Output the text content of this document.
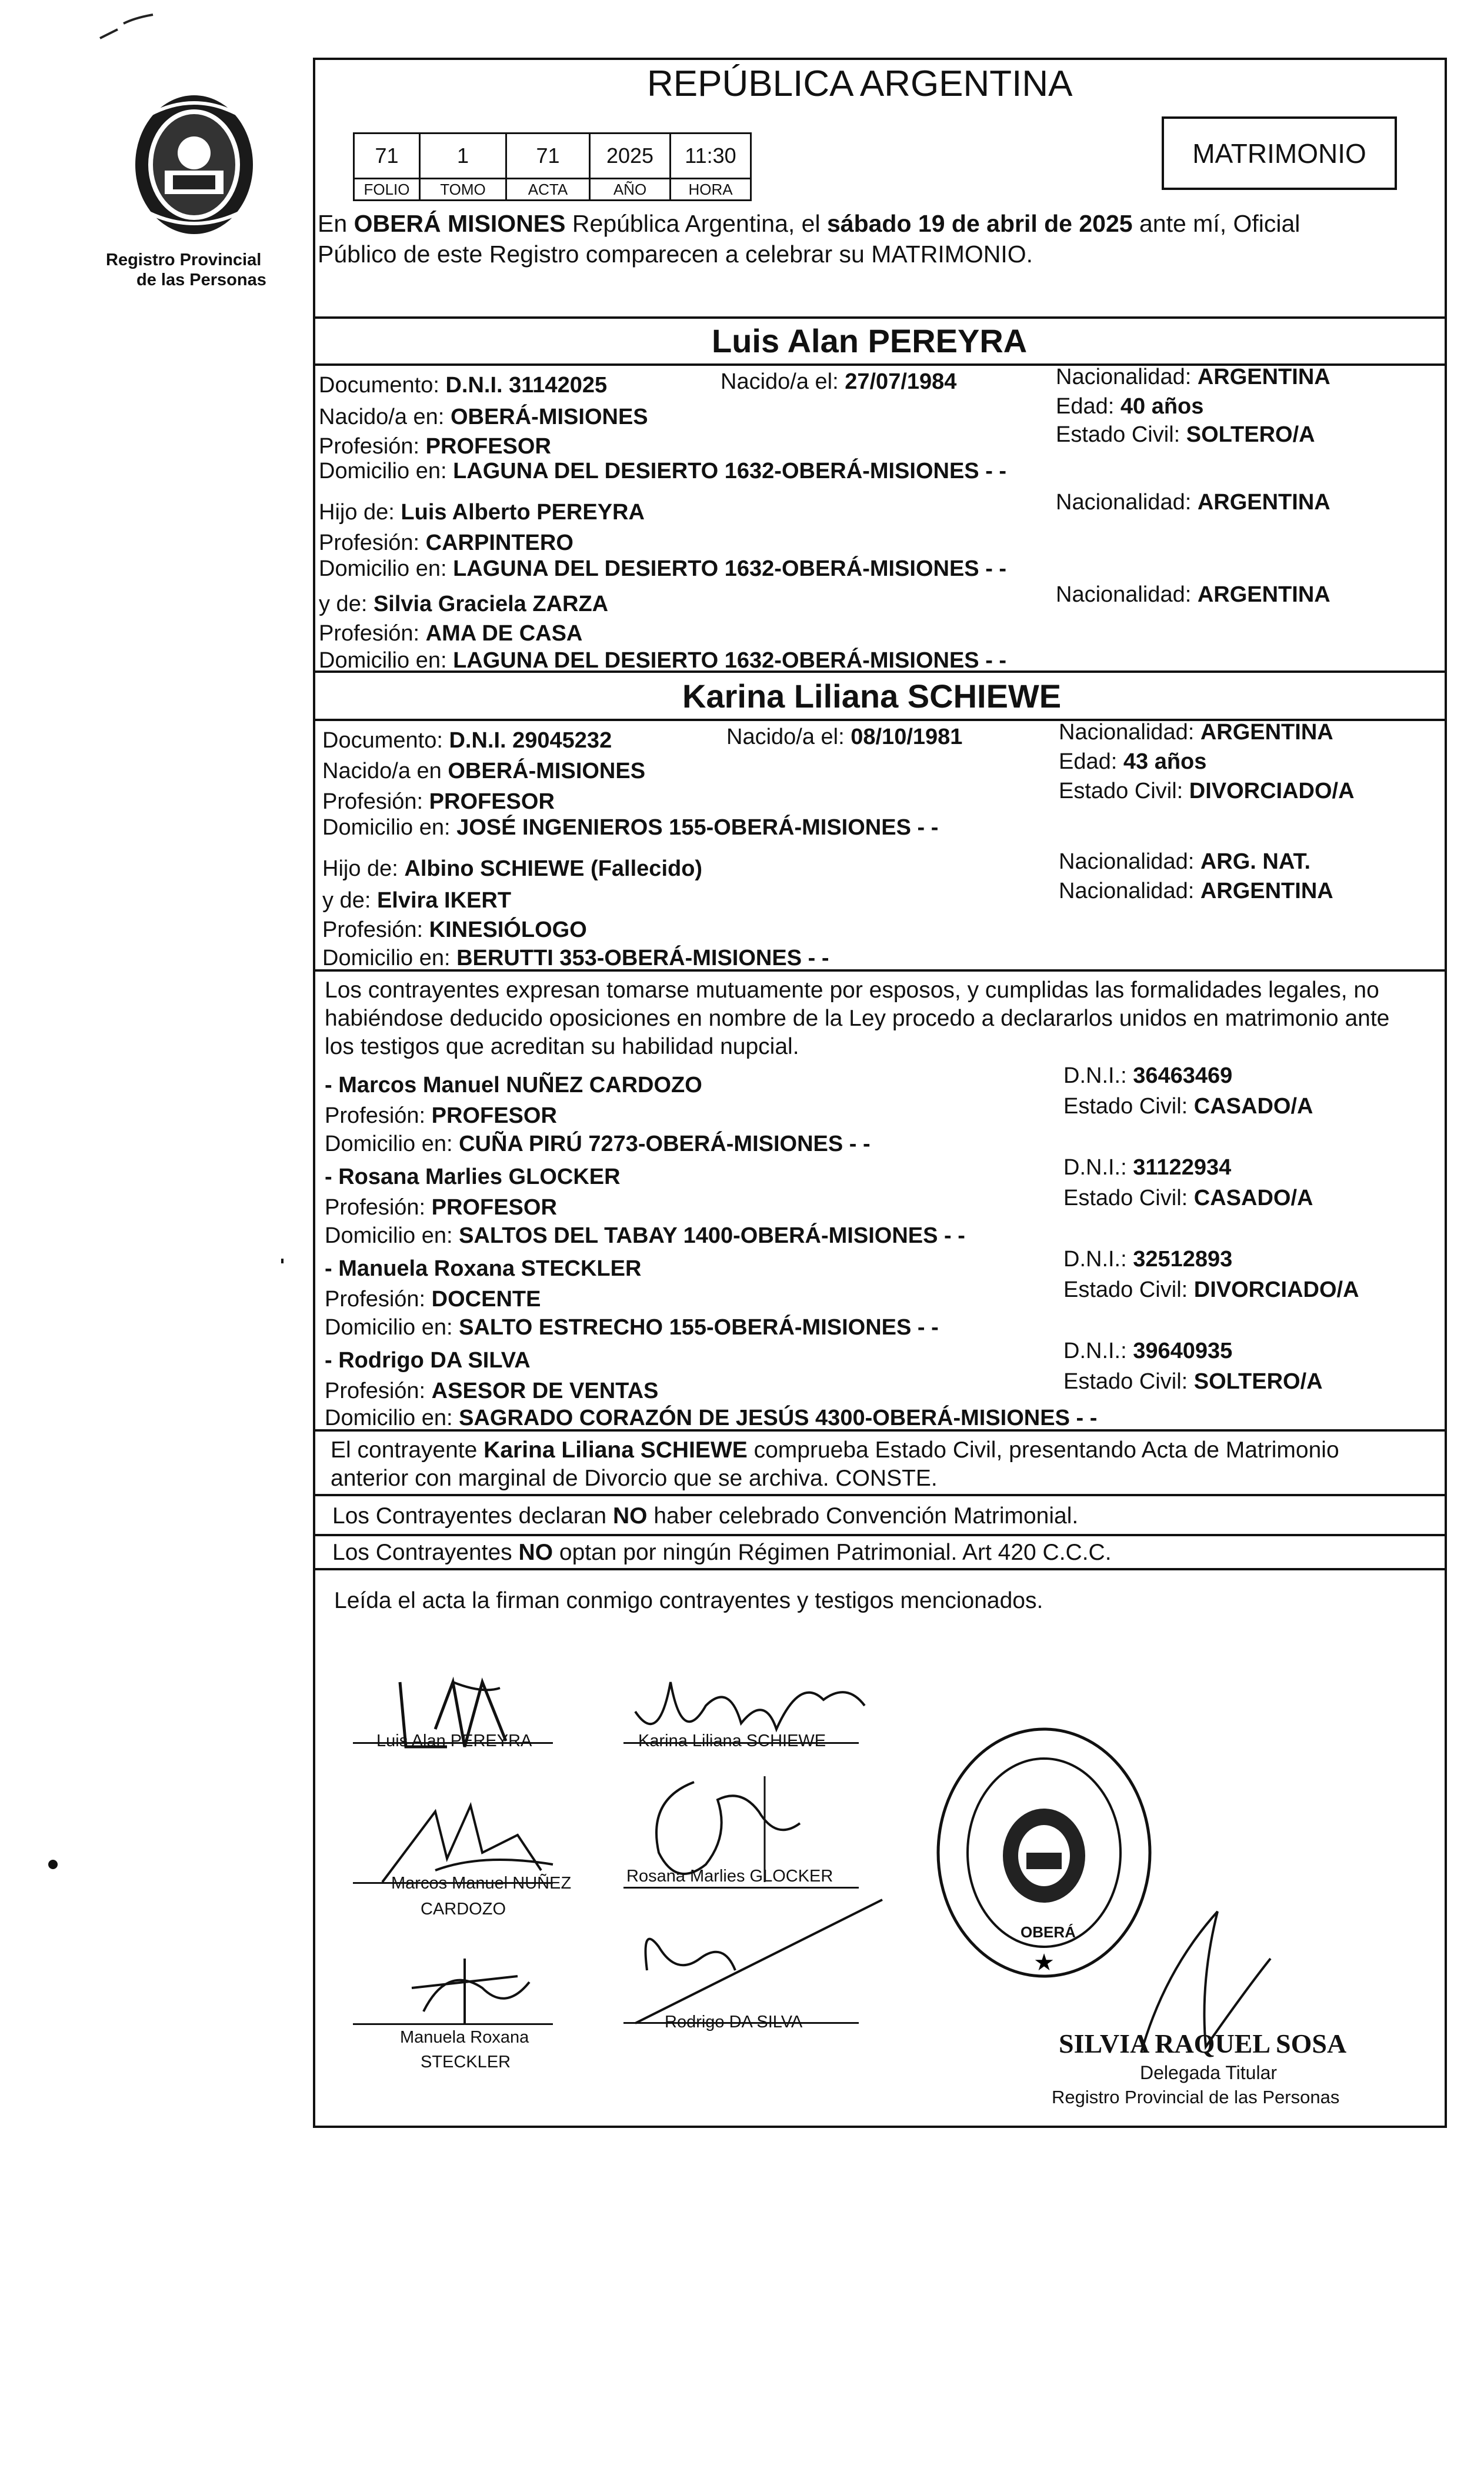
Registro Provincial
de las Personas
REPÚBLICA ARGENTINA
71	1	71	2025	11:30
FOLIO	TOMO	ACTA	AÑO	HORA
MATRIMONIO
En OBERÁ MISIONES República Argentina, el sábado 19 de abril de 2025 ante mí, Oficial
Público de este Registro comparecen a celebrar su MATRIMONIO.
Luis Alan PEREYRA
Documento: D.N.I. 31142025	Nacido/a el: 27/07/1984	Nacionalidad: ARGENTINA
Nacido/a en: OBERÁ-MISIONES	Edad: 40 años
Profesión: PROFESOR	Estado Civil: SOLTERO/A
Domicilio en: LAGUNA DEL DESIERTO 1632-OBERÁ-MISIONES - -
Hijo de: Luis Alberto PEREYRA	Nacionalidad: ARGENTINA
Profesión: CARPINTERO
Domicilio en: LAGUNA DEL DESIERTO 1632-OBERÁ-MISIONES - -
y de: Silvia Graciela ZARZA	Nacionalidad: ARGENTINA
Profesión: AMA DE CASA
Domicilio en: LAGUNA DEL DESIERTO 1632-OBERÁ-MISIONES - -
Karina Liliana SCHIEWE
Documento: D.N.I. 29045232	Nacido/a el: 08/10/1981	Nacionalidad: ARGENTINA
Nacido/a en OBERÁ-MISIONES	Edad: 43 años
Profesión: PROFESOR	Estado Civil: DIVORCIADO/A
Domicilio en: JOSÉ INGENIEROS 155-OBERÁ-MISIONES - -
Hijo de: Albino SCHIEWE (Fallecido)	Nacionalidad: ARG. NAT.
y de: Elvira IKERT	Nacionalidad: ARGENTINA
Profesión: KINESIÓLOGO
Domicilio en: BERUTTI 353-OBERÁ-MISIONES - -
Los contrayentes expresan tomarse mutuamente por esposos, y cumplidas las formalidades legales, no
habiéndose deducido oposiciones en nombre de la Ley procedo a declararlos unidos en matrimonio ante
los testigos que acreditan su habilidad nupcial.
- Marcos Manuel NUÑEZ CARDOZO	D.N.I.: 36463469
Profesión: PROFESOR	Estado Civil: CASADO/A
Domicilio en: CUÑA PIRÚ 7273-OBERÁ-MISIONES - -
- Rosana Marlies GLOCKER	D.N.I.: 31122934
Profesión: PROFESOR	Estado Civil: CASADO/A
Domicilio en: SALTOS DEL TABAY 1400-OBERÁ-MISIONES - -
- Manuela Roxana STECKLER	D.N.I.: 32512893
Profesión: DOCENTE	Estado Civil: DIVORCIADO/A
Domicilio en: SALTO ESTRECHO 155-OBERÁ-MISIONES - -
- Rodrigo DA SILVA	D.N.I.: 39640935
Profesión: ASESOR DE VENTAS	Estado Civil: SOLTERO/A
Domicilio en: SAGRADO CORAZÓN DE JESÚS 4300-OBERÁ-MISIONES - -
El contrayente Karina Liliana SCHIEWE comprueba Estado Civil, presentando Acta de Matrimonio
anterior con marginal de Divorcio que se archiva. CONSTE.
Los Contrayentes declaran NO haber celebrado Convención Matrimonial.
Los Contrayentes NO optan por ningún Régimen Patrimonial. Art 420 C.C.C.
Leída el acta la firman conmigo contrayentes y testigos mencionados.
Luis Alan PEREYRA	Karina Liliana SCHIEWE
Marcos Manuel NUÑEZ
CARDOZO
Rosana Marlies GLOCKER
Manuela Roxana
STECKLER
Rodrigo DA SILVA
★
OBERÁ
SILVIA RAQUEL SOSA
Delegada Titular
Registro Provincial de las Personas
